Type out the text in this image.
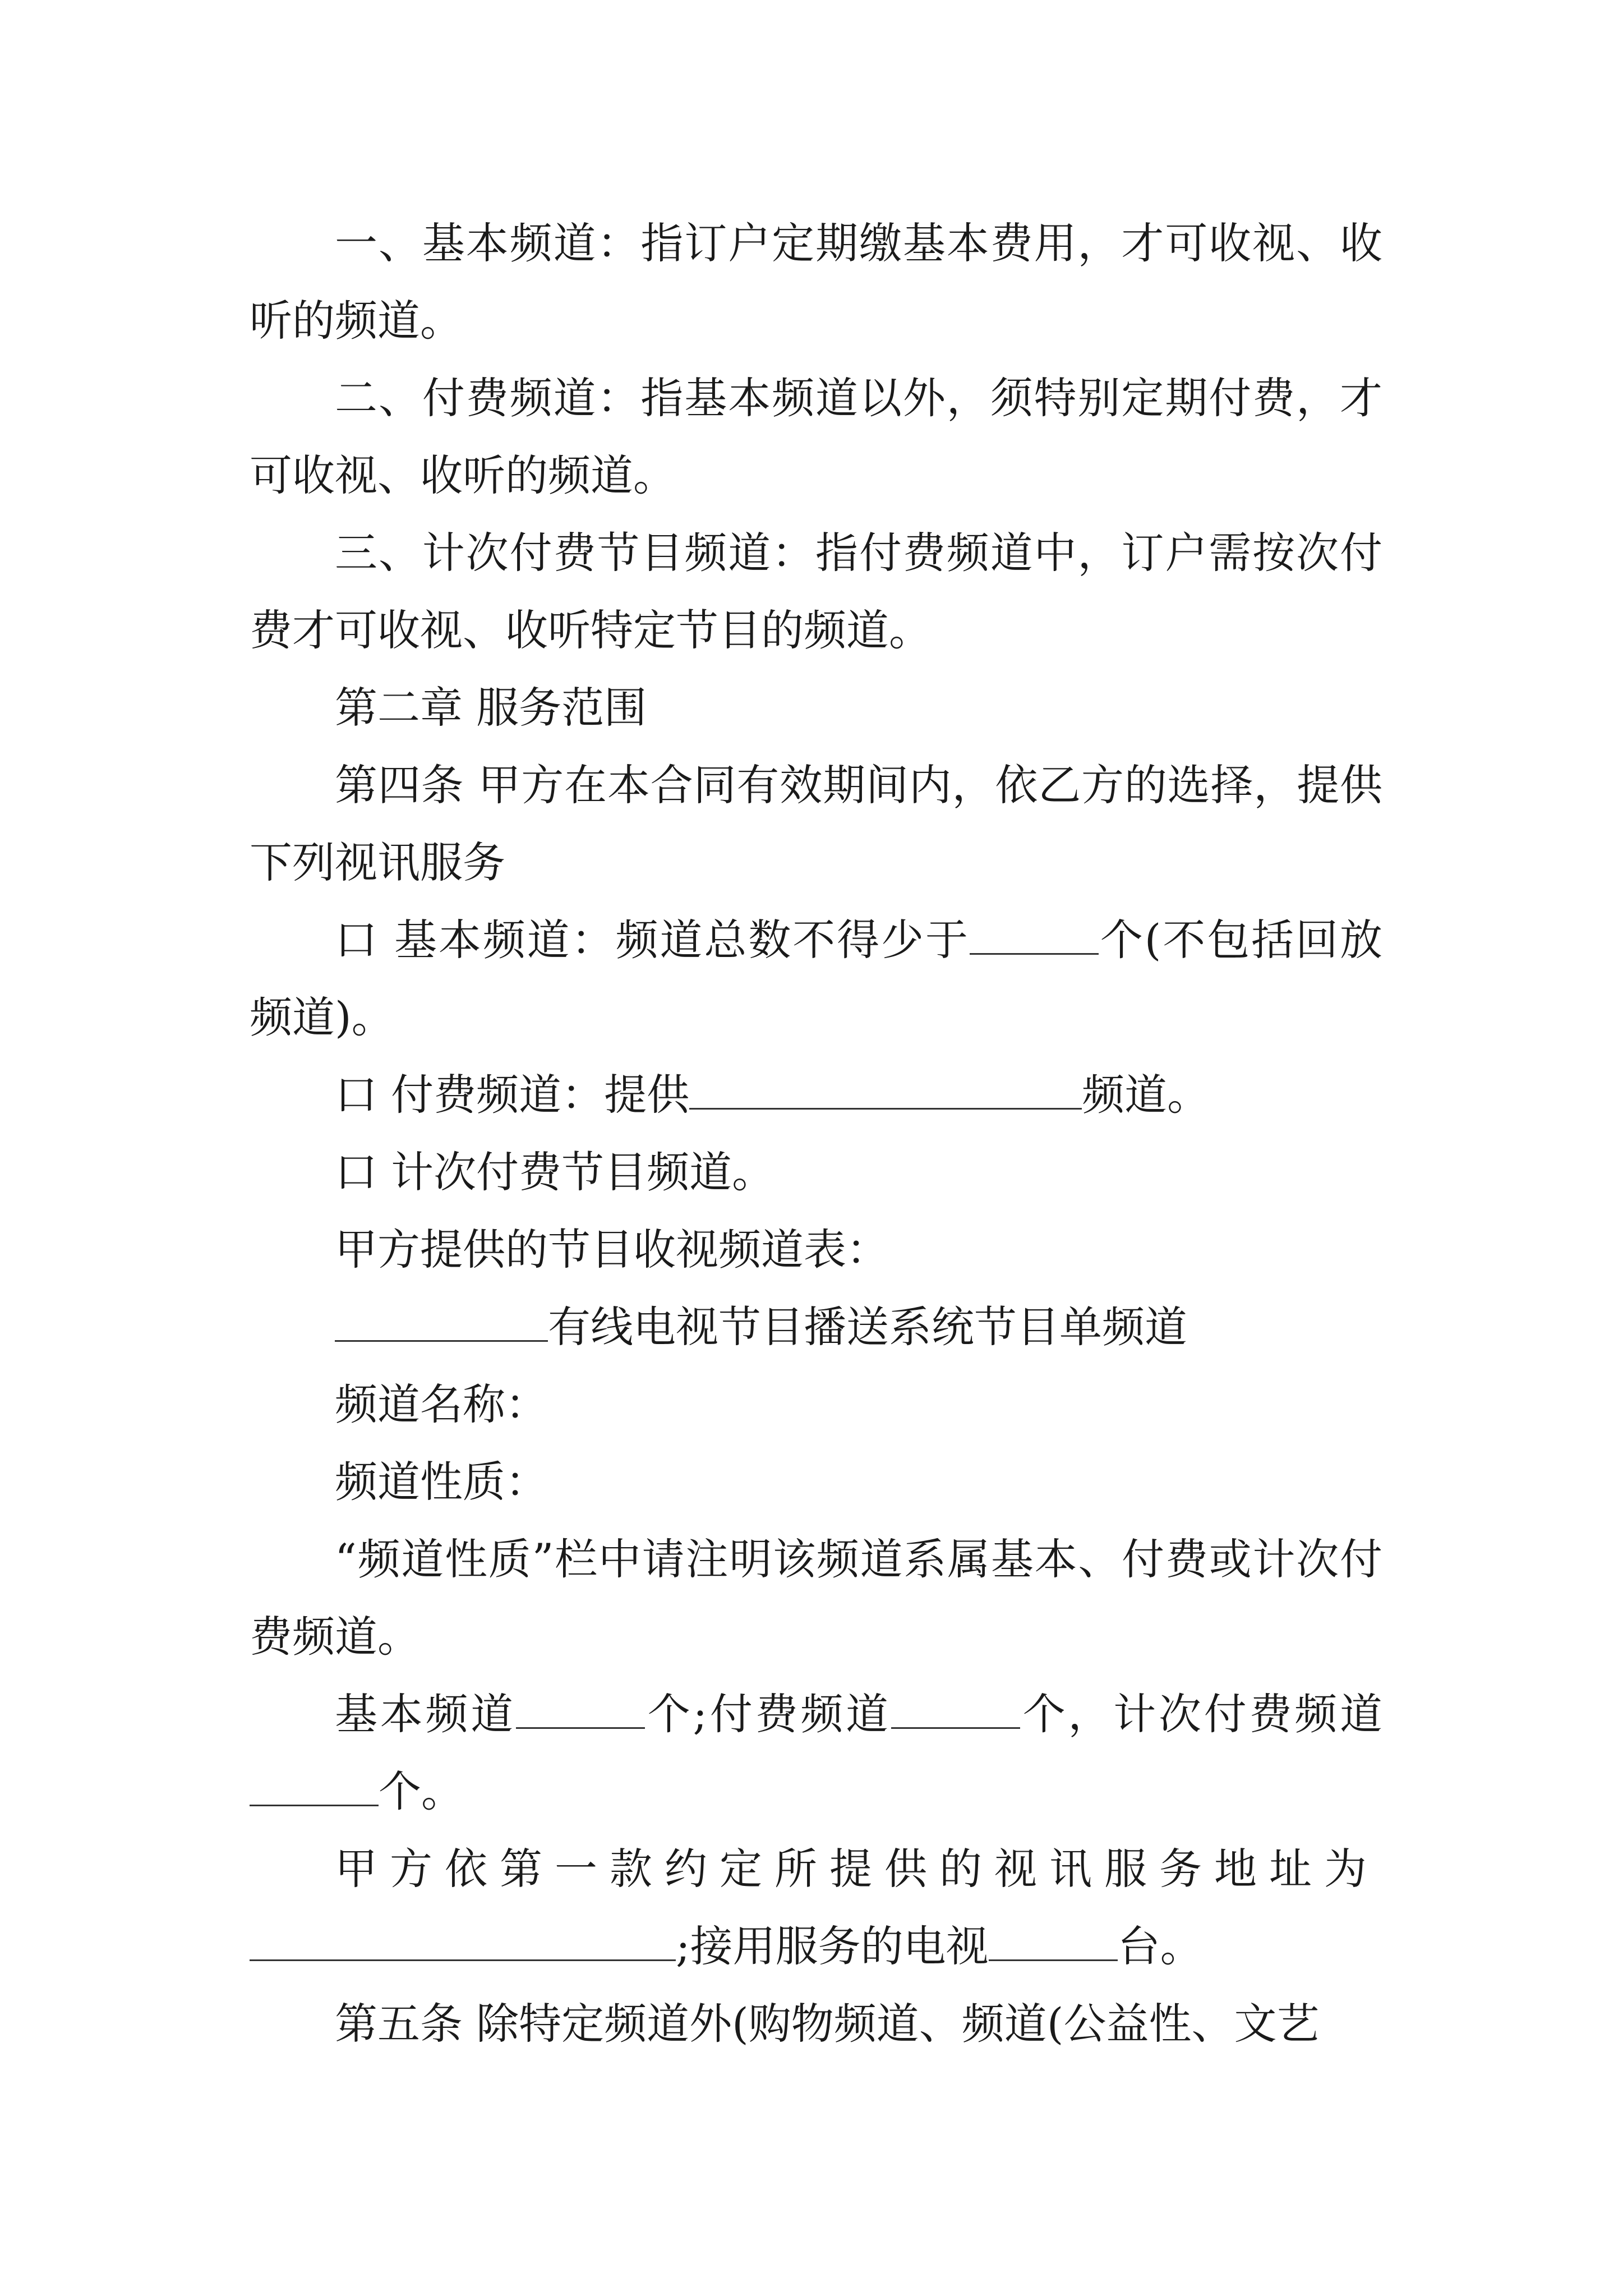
一、基本频道：指订户定期缴基本费用，才可收视、收听的频道。

二、付费频道：指基本频道以外，须特别定期付费，才可收视、收听的频道。

三、计次付费节目频道：指付费频道中，订户需按次付费才可收视、收听特定节目的频道。

第二章 服务范围

第四条 甲方在本合同有效期间内，依乙方的选择，提供下列视讯服务

口 基本频道：频道总数不得少于	个(不包括回放频道)。

口 付费频道：提供	频道。

口 计次付费节目频道。

甲方提供的节目收视频道表：

有线电视节目播送系统节目单频道

频道名称：

频道性质：

“频道性质”栏中请注明该频道系属基本、付费或计次付费频道。

基本频道	个;付费频道	个，计次付费频道个。

甲方依第一款约定所提供的视讯服务地址为

;接用服务的电视	台。

第五条 除特定频道外(购物频道、频道(公益性、文艺
